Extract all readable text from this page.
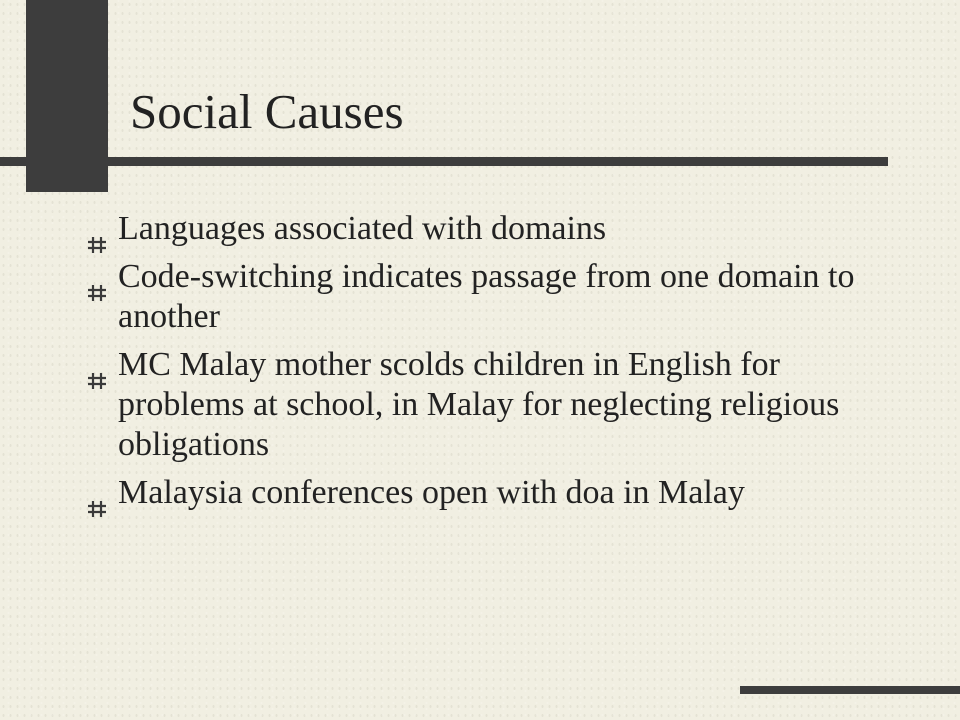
Social Causes
Languages associated with domains
Code-switching indicates passage from one domain to another
MC Malay mother scolds children in English for problems at school, in Malay for neglecting religious obligations
Malaysia conferences open with doa in Malay
